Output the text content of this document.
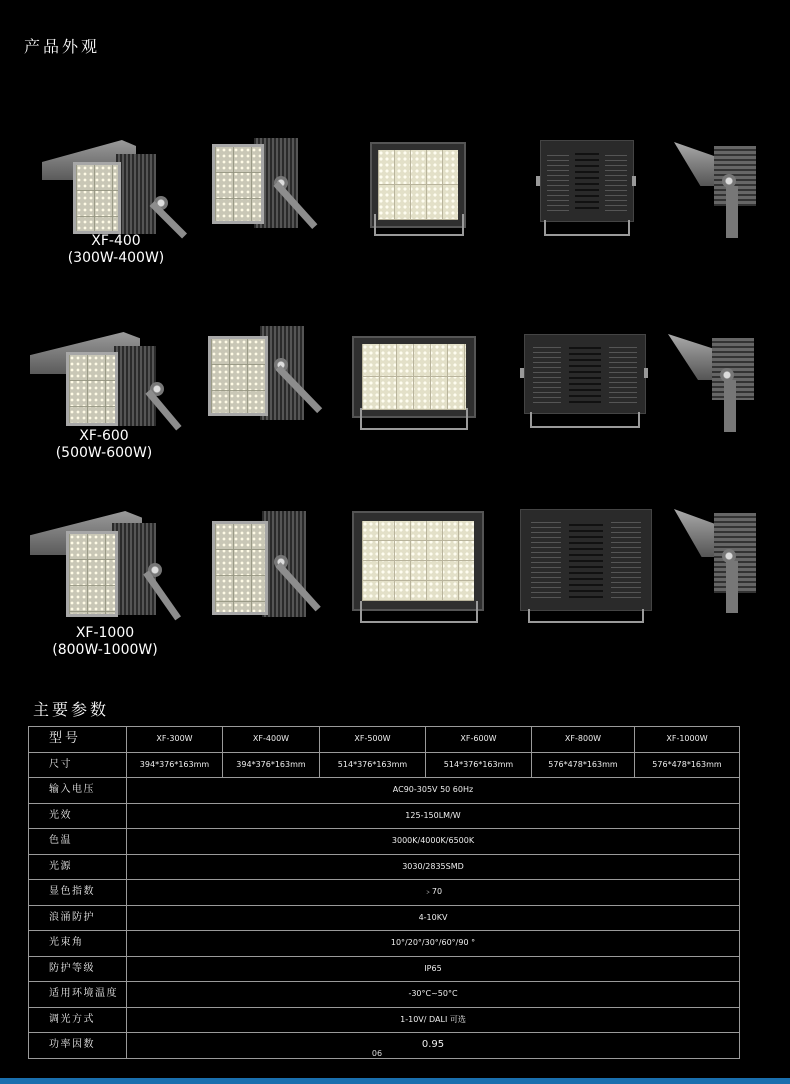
产品外观
XF-400
(300W-400W)
XF-600
(500W-600W)
XF-1000
(800W-1000W)
主要参数
型号	XF-300W	XF-400W	XF-500W	XF-600W	XF-800W	XF-1000W
尺寸	394*376*163mm	394*376*163mm	514*376*163mm	514*376*163mm	576*478*163mm	576*478*163mm
输入电压	AC90-305V 50 60Hz					
光效	125-150LM/W					
色温	3000K/4000K/6500K					
光源	3030/2835SMD					
显色指数	﹥70					
浪涌防护	4-10KV					
光束角	10°/20°/30°/60°/90 °					
防护等级	IP65					
适用环境温度	-30°C~50°C					
调光方式	1-10V/ DALI 可选					
功率因数	0.95					
06
